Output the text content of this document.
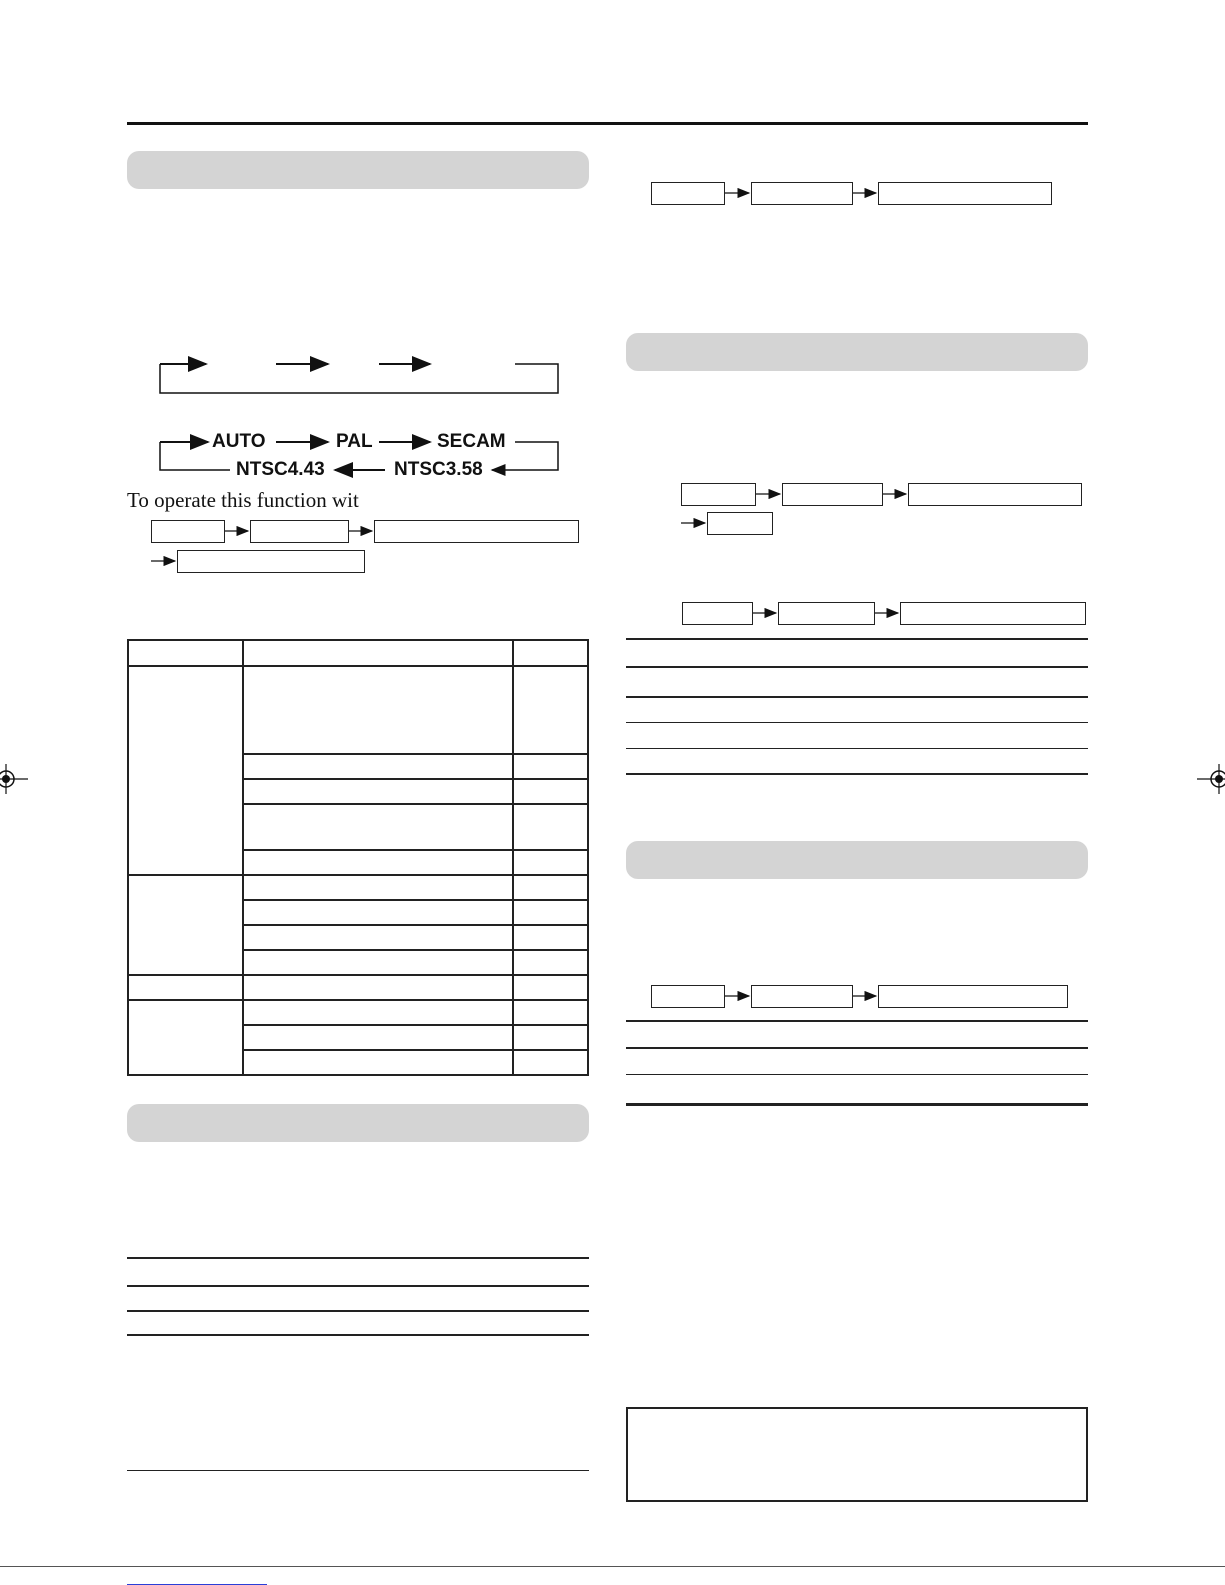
AUTO	PAL	SECAM
NTSC3.58
NTSC4.43
To operate this function wit
